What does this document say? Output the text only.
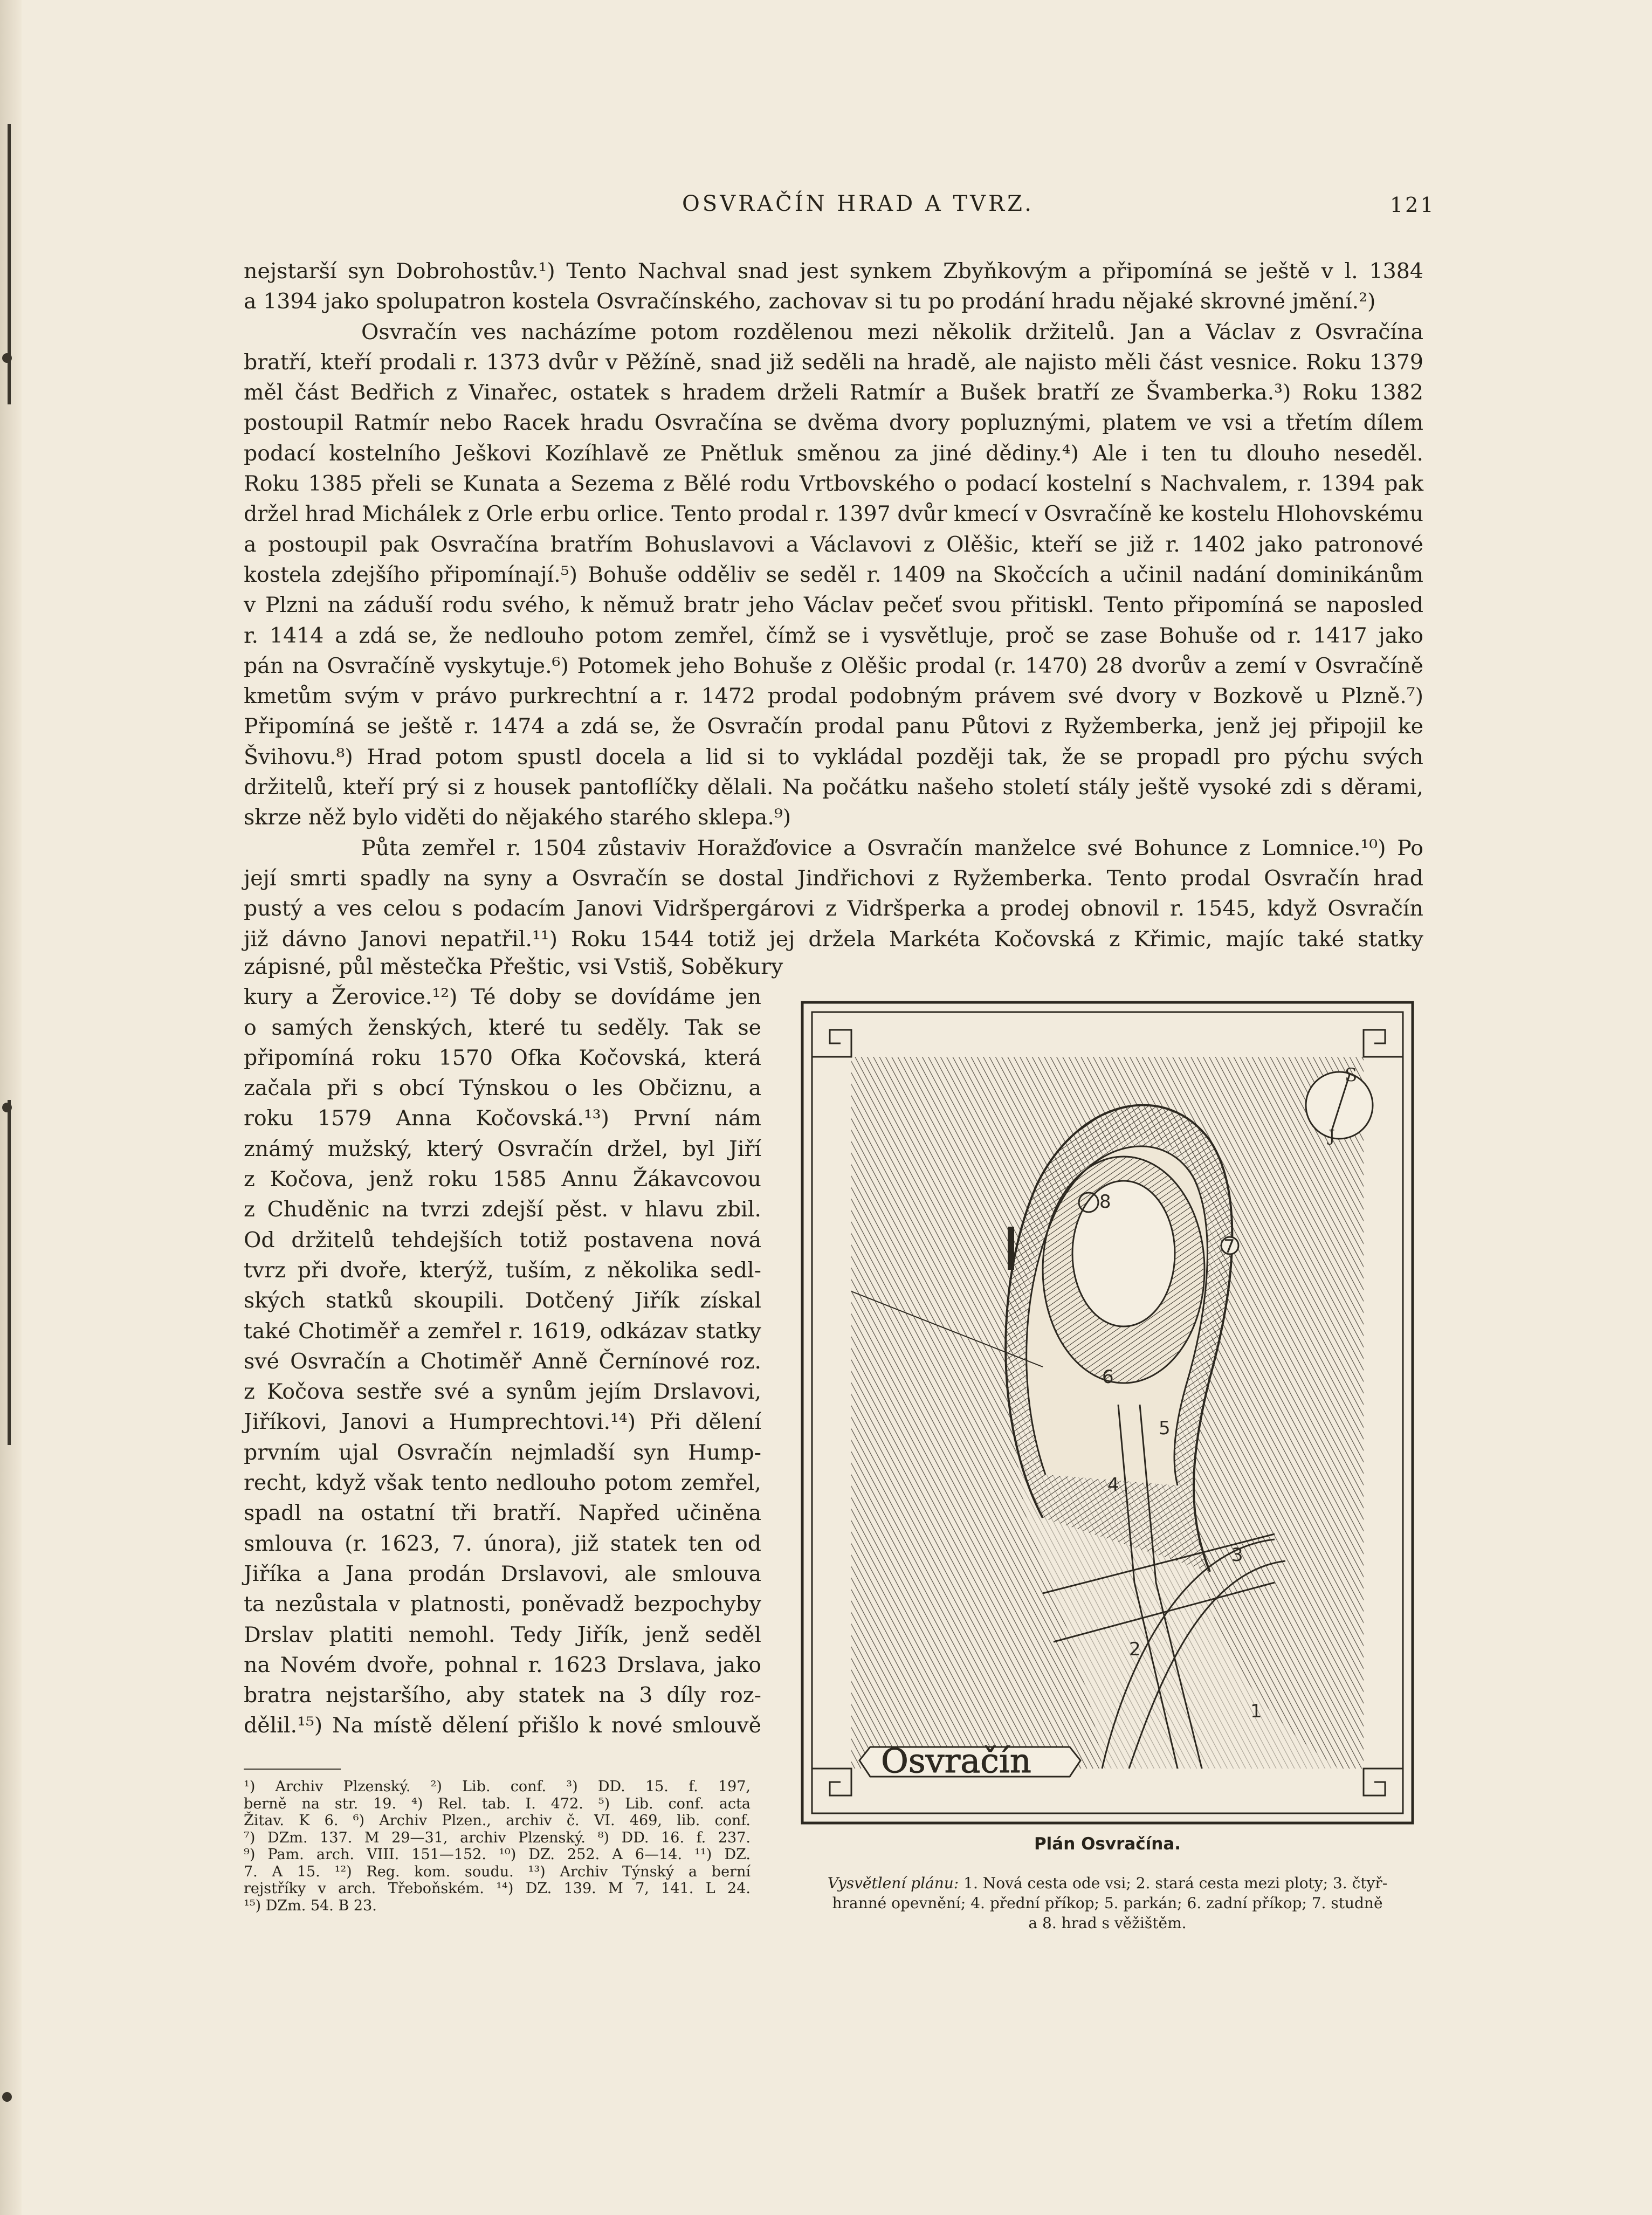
OSVRAČÍN HRAD A TVRZ.	121
nejstarší syn Dobrohostův.¹) Tento Nachval snad jest synkem Zbyňkovým a připomíná se ještě v l. 1384
a 1394 jako spolupatron kostela Osvračínského, zachovav si tu po prodání hradu nějaké skrovné jmění.²)
Osvračín ves nacházíme potom rozdělenou mezi několik držitelů. Jan a Václav z Osvračína
bratří, kteří prodali r. 1373 dvůr v Pěžíně, snad již seděli na hradě, ale najisto měli část vesnice. Roku 1379
měl část Bedřich z Vinařec, ostatek s hradem drželi Ratmír a Bušek bratří ze Švamberka.³) Roku 1382
postoupil Ratmír nebo Racek hradu Osvračína se dvěma dvory popluznými, platem ve vsi a třetím dílem
podací kostelního Ješkovi Kozíhlavě ze Pnětluk směnou za jiné dědiny.⁴) Ale i ten tu dlouho neseděl.
Roku 1385 přeli se Kunata a Sezema z Bělé rodu Vrtbovského o podací kostelní s Nachvalem, r. 1394 pak
držel hrad Michálek z Orle erbu orlice. Tento prodal r. 1397 dvůr kmecí v Osvračíně ke kostelu Hlohovskému
a postoupil pak Osvračína bratřím Bohuslavovi a Václavovi z Olěšic, kteří se již r. 1402 jako patronové
kostela zdejšího připomínají.⁵) Bohuše odděliv se seděl r. 1409 na Skočcích a učinil nadání dominikánům
v Plzni na záduší rodu svého, k němuž bratr jeho Václav pečeť svou přitiskl. Tento připomíná se naposled
r. 1414 a zdá se, že nedlouho potom zemřel, čímž se i vysvětluje, proč se zase Bohuše od r. 1417 jako
pán na Osvračíně vyskytuje.⁶) Potomek jeho Bohuše z Olěšic prodal (r. 1470) 28 dvorův a zemí v Osvračíně
kmetům svým v právo purkrechtní a r. 1472 prodal podobným právem své dvory v Bozkově u Plzně.⁷)
Připomíná se ještě r. 1474 a zdá se, že Osvračín prodal panu Půtovi z Ryžemberka, jenž jej připojil ke
Švihovu.⁸) Hrad potom spustl docela a lid si to vykládal později tak, že se propadl pro pýchu svých
držitelů, kteří prý si z housek pantoflíčky dělali. Na počátku našeho století stály ještě vysoké zdi s děrami,
skrze něž bylo viděti do nějakého starého sklepa.⁹)
Půta zemřel r. 1504 zůstaviv Horažďovice a Osvračín manželce své Bohunce z Lomnice.¹⁰) Po
její smrti spadly na syny a Osvračín se dostal Jindřichovi z Ryžemberka. Tento prodal Osvračín hrad
pustý a ves celou s podacím Janovi Vidršpergárovi z Vidršperka a prodej obnovil r. 1545, když Osvračín
již dávno Janovi nepatřil.¹¹) Roku 1544 totiž jej držela Markéta Kočovská z Křimic, majíc také statky
zápisné, půl městečka Přeštic, vsi Vstiš, Soběkury
kury a Žerovice.¹²) Té doby se dovídáme jen
o samých ženských, které tu seděly. Tak se
připomíná roku 1570 Ofka Kočovská, která
začala při s obcí Týnskou o les Občiznu, a
roku 1579 Anna Kočovská.¹³) První nám
známý mužský, který Osvračín držel, byl Jiří
z Kočova, jenž roku 1585 Annu Žákavcovou
z Chuděnic na tvrzi zdejší pěst. v hlavu zbil.
Od držitelů tehdejších totiž postavena nová
tvrz při dvoře, kterýž, tuším, z několika sedl-
ských statků skoupili. Dotčený Jiřík získal
také Chotiměř a zemřel r. 1619, odkázav statky
své Osvračín a Chotiměř Anně Černínové roz.
z Kočova sestře své a synům jejím Drslavovi,
Jiříkovi, Janovi a Humprechtovi.¹⁴) Při dělení
prvním ujal Osvračín nejmladší syn Hump-
recht, když však tento nedlouho potom zemřel,
spadl na ostatní tři bratří. Napřed učiněna
smlouva (r. 1623, 7. února), již statek ten od
Jiříka a Jana prodán Drslavovi, ale smlouva
ta nezůstala v platnosti, poněvadž bezpochyby
Drslav platiti nemohl. Tedy Jiřík, jenž seděl
na Novém dvoře, pohnal r. 1623 Drslava, jako
bratra nejstaršího, aby statek na 3 díly roz-
dělil.¹⁵) Na místě dělení přišlo k nové smlouvě
¹) Archiv Plzenský. ²) Lib. conf. ³) DD. 15. f. 197,
berně na str. 19. ⁴) Rel. tab. I. 472. ⁵) Lib. conf. acta
Žitav. K 6. ⁶) Archiv Plzen., archiv č. VI. 469, lib. conf.
⁷) DZm. 137. M 29—31, archiv Plzenský. ⁸) DD. 16. f. 237.
⁹) Pam. arch. VIII. 151—152. ¹⁰) DZ. 252. A 6—14. ¹¹) DZ.
7. A 15. ¹²) Reg. kom. soudu. ¹³) Archiv Týnský a berní
rejstříky v arch. Třeboňském. ¹⁴) DZ. 139. M 7, 141. L 24.
¹⁵) DZm. 54. B 23.
S
J
1
2
3
4
5
6
7
8
Osvračín
Plán Osvračína.
Vysvětlení plánu: 1. Nová cesta ode vsi; 2. stará cesta mezi ploty; 3. čtyř-
hranné opevnění; 4. přední příkop; 5. parkán; 6. zadní příkop; 7. studně
a 8. hrad s věžištěm.
